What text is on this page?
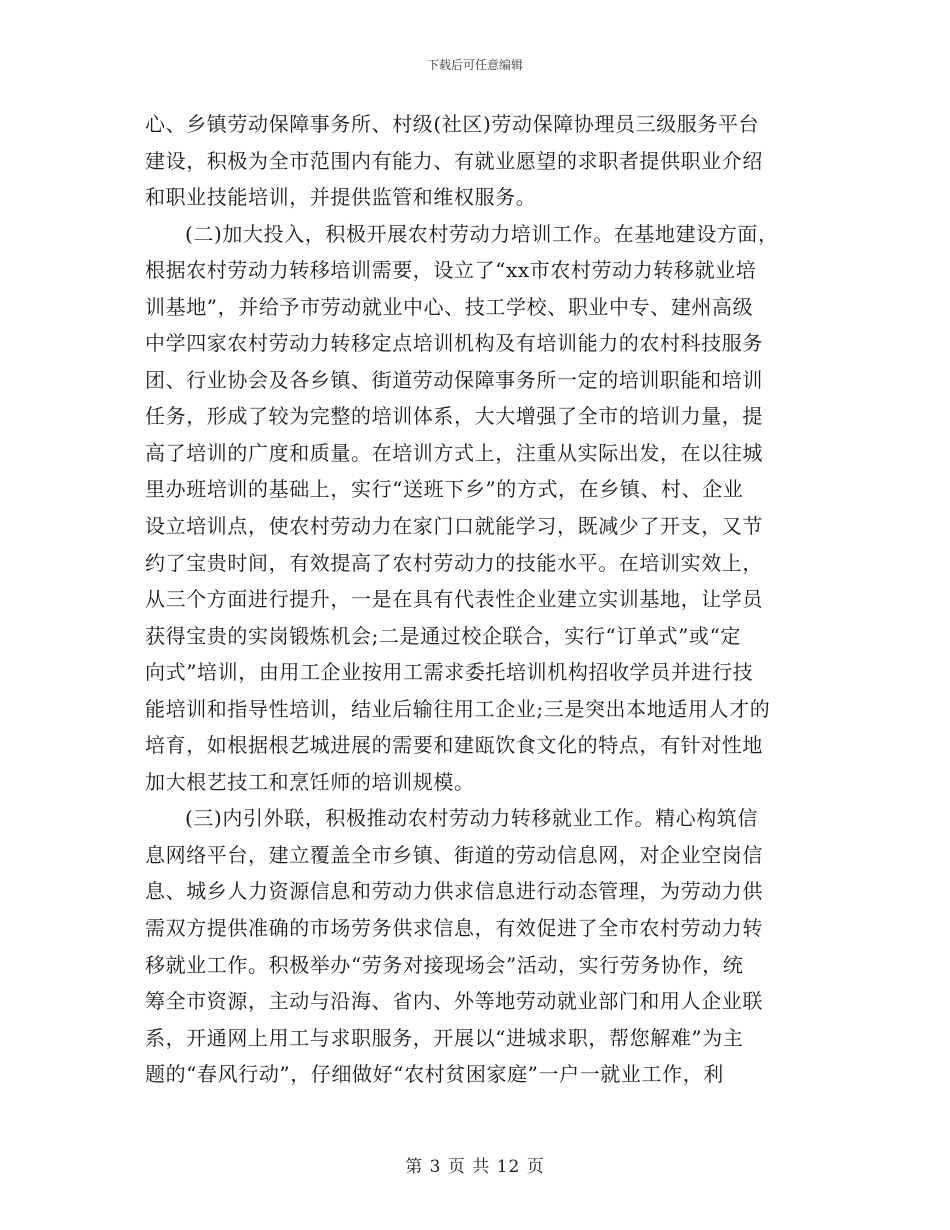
下载后可任意编辑
心、乡镇劳动保障事务所、村级(社区)劳动保障协理员三级服务平台
建设，积极为全市范围内有能力、有就业愿望的求职者提供职业介绍
和职业技能培训，并提供监管和维权服务。
(二)加大投入，积极开展农村劳动力培训工作。在基地建设方面，
根据农村劳动力转移培训需要，设立了“xx市农村劳动力转移就业培
训基地”，并给予市劳动就业中心、技工学校、职业中专、建州高级
中学四家农村劳动力转移定点培训机构及有培训能力的农村科技服务
团、行业协会及各乡镇、街道劳动保障事务所一定的培训职能和培训
任务，形成了较为完整的培训体系，大大增强了全市的培训力量，提
高了培训的广度和质量。在培训方式上，注重从实际出发，在以往城
里办班培训的基础上，实行“送班下乡”的方式，在乡镇、村、企业
设立培训点，使农村劳动力在家门口就能学习，既减少了开支，又节
约了宝贵时间，有效提高了农村劳动力的技能水平。在培训实效上，
从三个方面进行提升，一是在具有代表性企业建立实训基地，让学员
获得宝贵的实岗锻炼机会;二是通过校企联合，实行“订单式”或“定
向式”培训，由用工企业按用工需求委托培训机构招收学员并进行技
能培训和指导性培训，结业后输往用工企业;三是突出本地适用人才的
培育，如根据根艺城进展的需要和建瓯饮食文化的特点，有针对性地
加大根艺技工和烹饪师的培训规模。
(三)内引外联，积极推动农村劳动力转移就业工作。精心构筑信
息网络平台，建立覆盖全市乡镇、街道的劳动信息网，对企业空岗信
息、城乡人力资源信息和劳动力供求信息进行动态管理，为劳动力供
需双方提供准确的市场劳务供求信息，有效促进了全市农村劳动力转
移就业工作。积极举办“劳务对接现场会”活动，实行劳务协作，统
筹全市资源，主动与沿海、省内、外等地劳动就业部门和用人企业联
系，开通网上用工与求职服务，开展以“进城求职，帮您解难”为主
题的“春风行动”，仔细做好“农村贫困家庭”一户一就业工作，利
第 3 页 共 12 页
